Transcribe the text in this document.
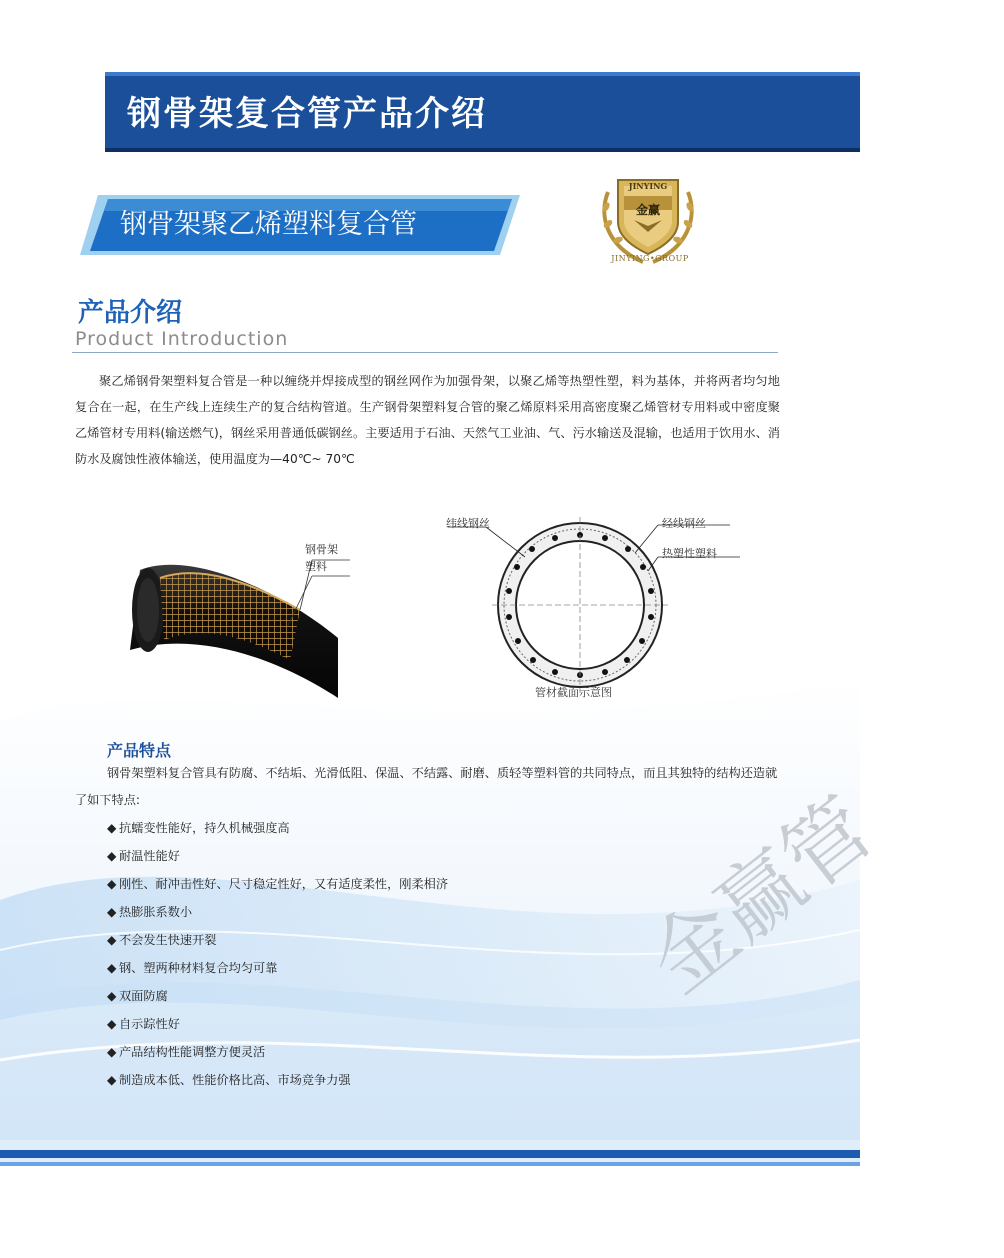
钢骨架复合管产品介绍
钢骨架聚乙烯塑料复合管
JINYING
金赢
JINYING•GROUP
产品介绍
Product Introduction
聚乙烯钢骨架塑料复合管是一种以缠绕并焊接成型的钢丝网作为加强骨架，以聚乙烯等热塑性塑，料为基体，并将两者均匀地复合在一起，在生产线上连续生产的复合结构管道。生产钢骨架塑料复合管的聚乙烯原料采用高密度聚乙烯管材专用料或中密度聚乙烯管材专用料(输送燃气)，钢丝采用普通低碳钢丝。主要适用于石油、天然气工业油、气、污水输送及混输，也适用于饮用水、消防水及腐蚀性液体输送，使用温度为—40℃~ 70℃
钢骨架
塑料
纬线钢丝	经线钢丝
热塑性塑料
管材截面示意图
产品特点
钢骨架塑料复合管具有防腐、不结垢、光滑低阻、保温、不结露、耐磨、质轻等塑料管的共同特点，而且其独特的结构还造就了如下特点:
◆ 抗蠕变性能好，持久机械强度高
◆ 耐温性能好
◆ 刚性、耐冲击性好、尺寸稳定性好，又有适度柔性，刚柔相济
◆ 热膨胀系数小
◆ 不会发生快速开裂
◆ 钢、塑两种材料复合均匀可靠
◆ 双面防腐
◆ 自示踪性好
◆ 产品结构性能调整方便灵活
◆ 制造成本低、性能价格比高、市场竞争力强
金赢管
